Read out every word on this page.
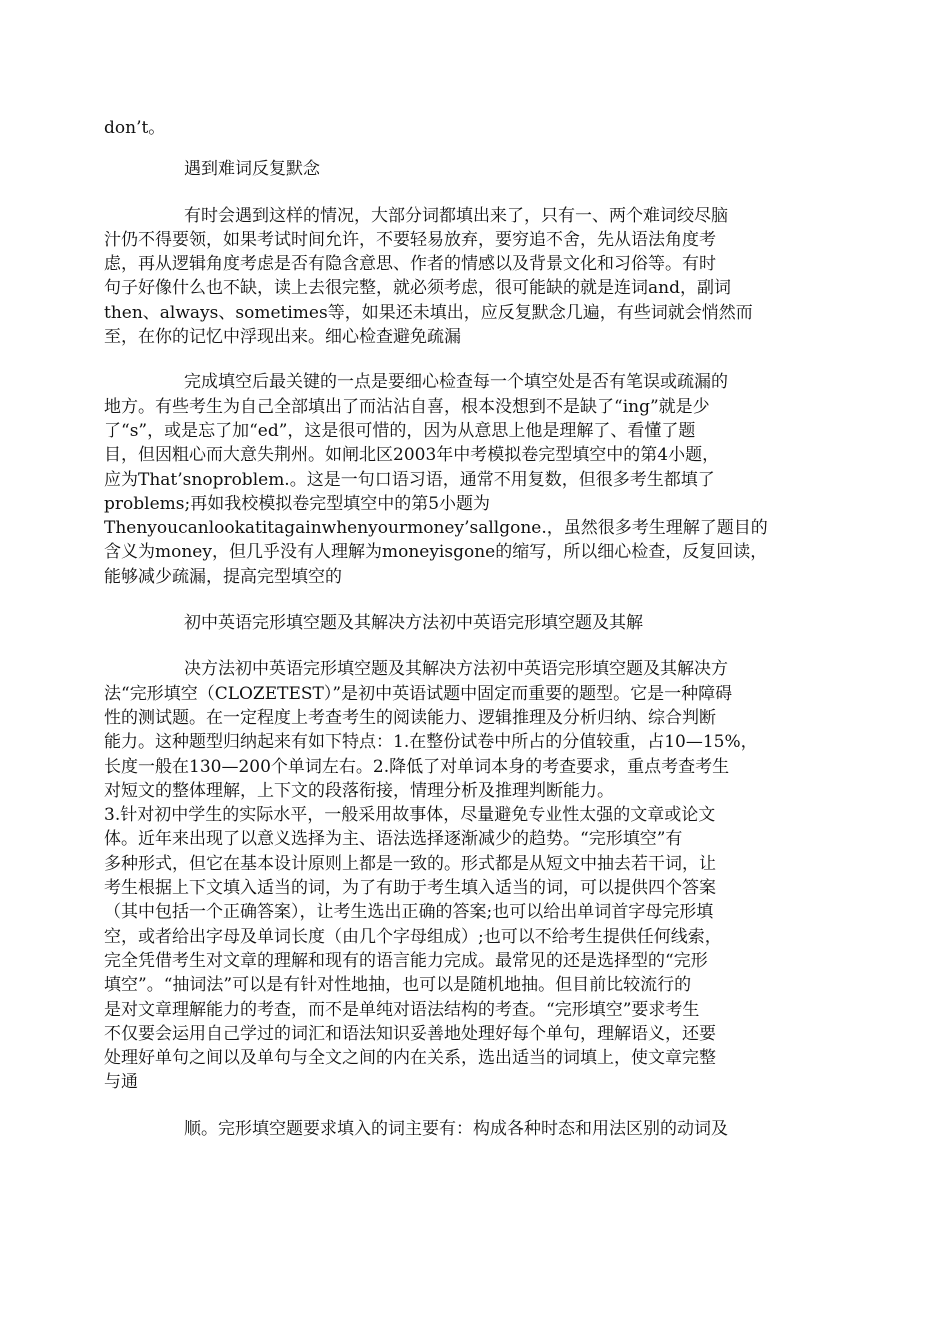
don’t。

遇到难词反复默念

有时会遇到这样的情况，大部分词都填出来了，只有一、两个难词绞尽脑
汁仍不得要领，如果考试时间允许，不要轻易放弃，要穷追不舍，先从语法角度考
虑，再从逻辑角度考虑是否有隐含意思、作者的情感以及背景文化和习俗等。有时
句子好像什么也不缺，读上去很完整，就必须考虑，很可能缺的就是连词and，副词
then、always、sometimes等，如果还未填出，应反复默念几遍，有些词就会悄然而
至，在你的记忆中浮现出来。细心检查避免疏漏

完成填空后最关键的一点是要细心检查每一个填空处是否有笔误或疏漏的
地方。有些考生为自己全部填出了而沾沾自喜，根本没想到不是缺了“ing”就是少
了“s”，或是忘了加“ed”，这是很可惜的，因为从意思上他是理解了、看懂了题
目，但因粗心而大意失荆州。如闸北区2003年中考模拟卷完型填空中的第4小题，
应为That’snoproblem.。这是一句口语习语，通常不用复数，但很多考生都填了
problems;再如我校模拟卷完型填空中的第5小题为
Thenyoucanlookatitagainwhenyourmoney’sallgone.，虽然很多考生理解了题目的
含义为money，但几乎没有人理解为moneyisgone的缩写，所以细心检查，反复回读，
能够减少疏漏，提高完型填空的

初中英语完形填空题及其解决方法初中英语完形填空题及其解

决方法初中英语完形填空题及其解决方法初中英语完形填空题及其解决方
法“完形填空（CLOZETEST）”是初中英语试题中固定而重要的题型。它是一种障碍
性的测试题。在一定程度上考查考生的阅读能力、逻辑推理及分析归纳、综合判断
能力。这种题型归纳起来有如下特点：1.在整份试卷中所占的分值较重，占10—15%，
长度一般在130—200个单词左右。2.降低了对单词本身的考查要求，重点考查考生
对短文的整体理解，上下文的段落衔接，情理分析及推理判断能力。
3.针对初中学生的实际水平，一般采用故事体，尽量避免专业性太强的文章或论文
体。近年来出现了以意义选择为主、语法选择逐渐减少的趋势。“完形填空”有
多种形式，但它在基本设计原则上都是一致的。形式都是从短文中抽去若干词，让
考生根据上下文填入适当的词，为了有助于考生填入适当的词，可以提供四个答案
（其中包括一个正确答案），让考生选出正确的答案;也可以给出单词首字母完形填
空，或者给出字母及单词长度（由几个字母组成）;也可以不给考生提供任何线索，
完全凭借考生对文章的理解和现有的语言能力完成。最常见的还是选择型的“完形
填空”。“抽词法”可以是有针对性地抽，也可以是随机地抽。但目前比较流行的
是对文章理解能力的考查，而不是单纯对语法结构的考查。“完形填空”要求考生
不仅要会运用自己学过的词汇和语法知识妥善地处理好每个单句，理解语义，还要
处理好单句之间以及单句与全文之间的内在关系，选出适当的词填上，使文章完整
与通

顺。完形填空题要求填入的词主要有：构成各种时态和用法区别的动词及
